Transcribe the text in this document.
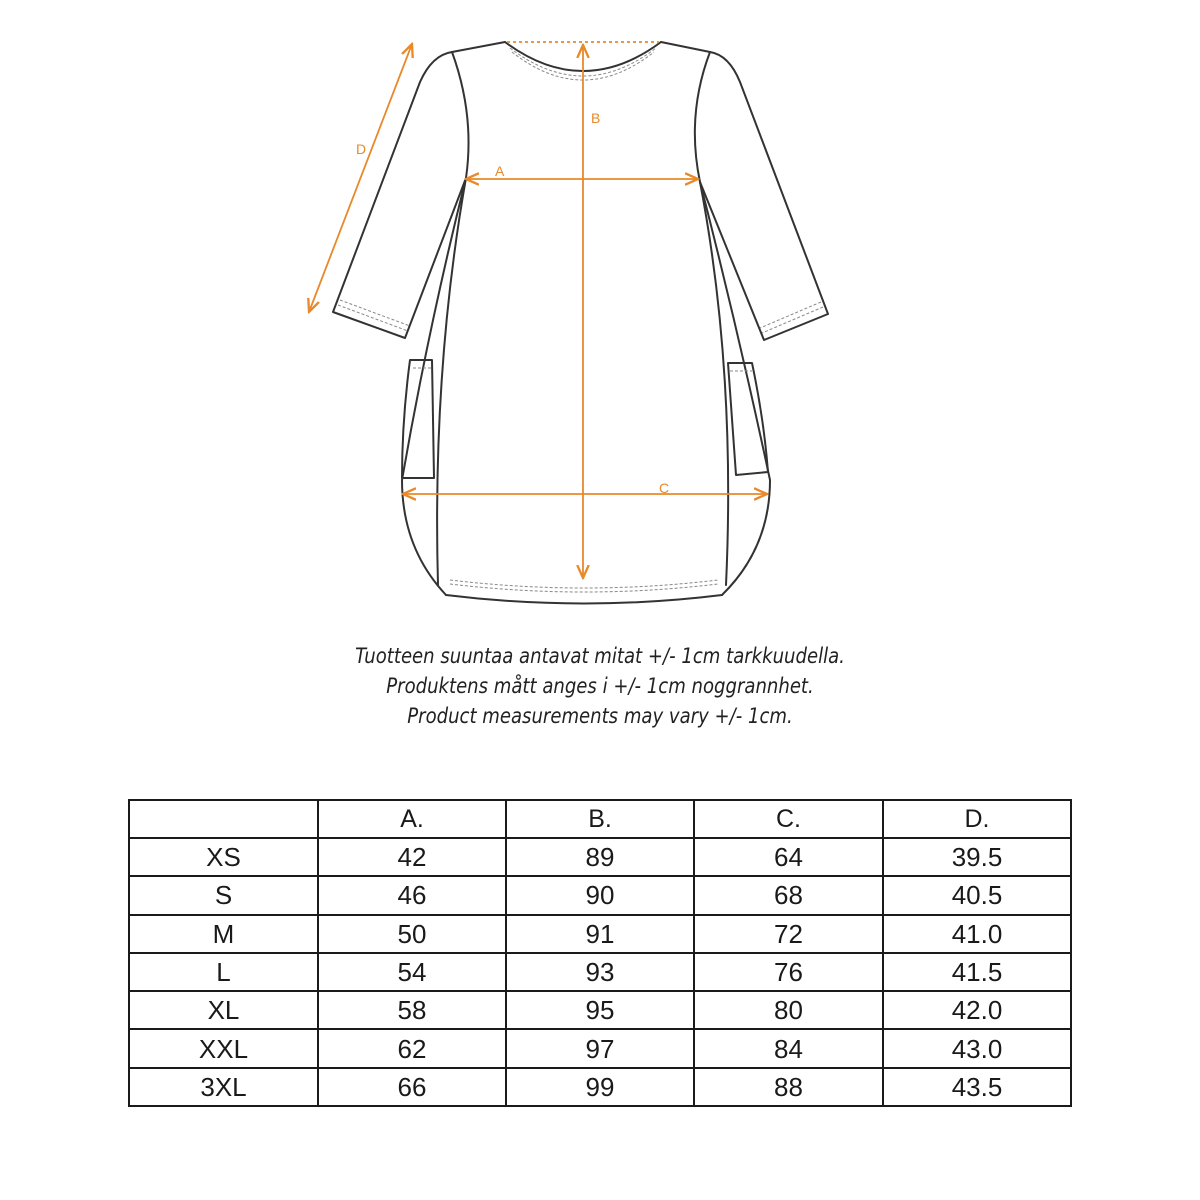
A
B
C
D
Tuotteen suuntaa antavat mitat +/- 1cm tarkkuudella.
Produktens mått anges i +/- 1cm noggrannhet.
Product measurements may vary +/- 1cm.
	A.	B.	C.	D.
XS	42	89	64	39.5
S	46	90	68	40.5
M	50	91	72	41.0
L	54	93	76	41.5
XL	58	95	80	42.0
XXL	62	97	84	43.0
3XL	66	99	88	43.5
